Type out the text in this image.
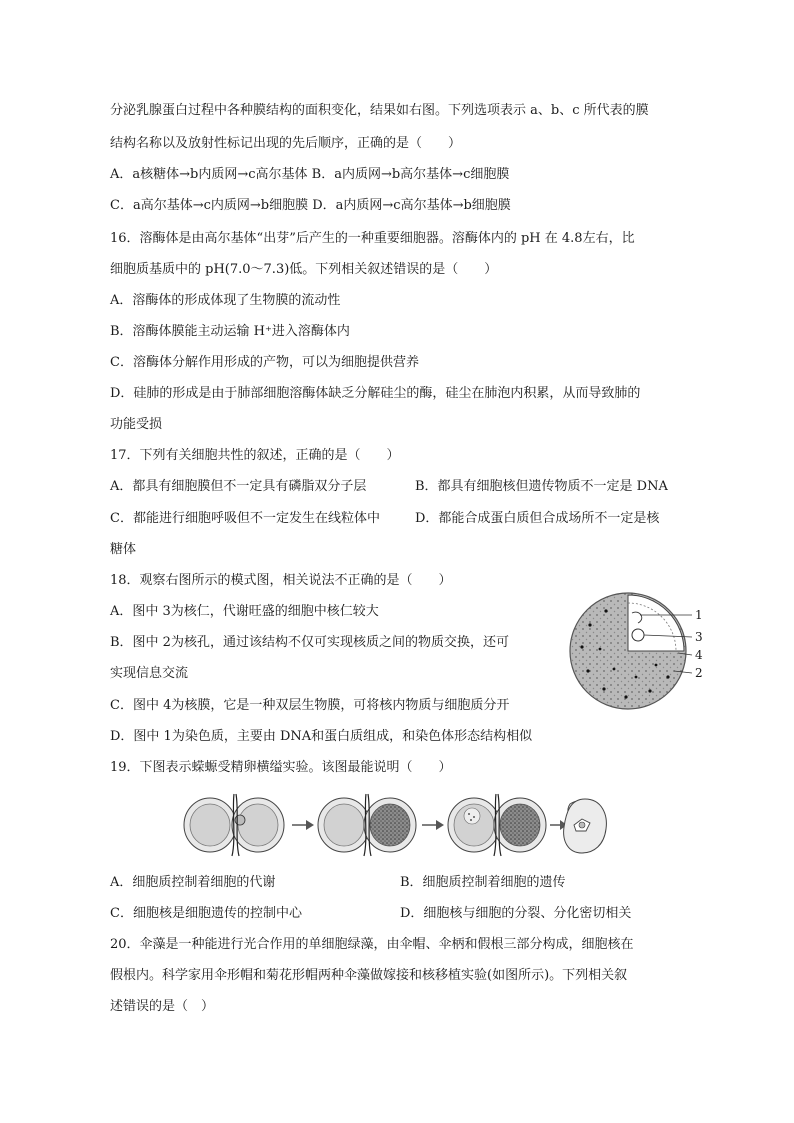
分泌乳腺蛋白过程中各种膜结构的面积变化，结果如右图。下列选项表示 a、b、c 所代表的膜
结构名称以及放射性标记出现的先后顺序，正确的是（　　）
A．a核糖体→b内质网→c高尔基体 B．a内质网→b高尔基体→c细胞膜
C．a高尔基体→c内质网→b细胞膜 D．a内质网→c高尔基体→b细胞膜
16．溶酶体是由高尔基体“出芽”后产生的一种重要细胞器。溶酶体内的 pH 在 4.8左右，比
细胞质基质中的 pH(7.0～7.3)低。下列相关叙述错误的是（　　）
A．溶酶体的形成体现了生物膜的流动性
B．溶酶体膜能主动运输 H⁺进入溶酶体内
C．溶酶体分解作用形成的产物，可以为细胞提供营养
D．硅肺的形成是由于肺部细胞溶酶体缺乏分解硅尘的酶，硅尘在肺泡内积累，从而导致肺的
功能受损
17．下列有关细胞共性的叙述，正确的是（　　）
A．都具有细胞膜但不一定具有磷脂双分子层	B．都具有细胞核但遗传物质不一定是 DNA
C．都能进行细胞呼吸但不一定发生在线粒体中	D．都能合成蛋白质但合成场所不一定是核
糖体
18．观察右图所示的模式图，相关说法不正确的是（　　）
A．图中 3为核仁，代谢旺盛的细胞中核仁较大
B．图中 2为核孔，通过该结构不仅可实现核质之间的物质交换，还可
实现信息交流
C．图中 4为核膜，它是一种双层生物膜，可将核内物质与细胞质分开
D．图中 1为染色质，主要由 DNA和蛋白质组成，和染色体形态结构相似
1
3
4
2
19．下图表示蝾螈受精卵横缢实验。该图最能说明（　　）
A．细胞质控制着细胞的代谢	B．细胞质控制着细胞的遗传
C．细胞核是细胞遗传的控制中心	D．细胞核与细胞的分裂、分化密切相关
20．伞藻是一种能进行光合作用的单细胞绿藻，由伞帽、伞柄和假根三部分构成，细胞核在
假根内。科学家用伞形帽和菊花形帽两种伞藻做嫁接和核移植实验(如图所示)。下列相关叙
述错误的是（　）
